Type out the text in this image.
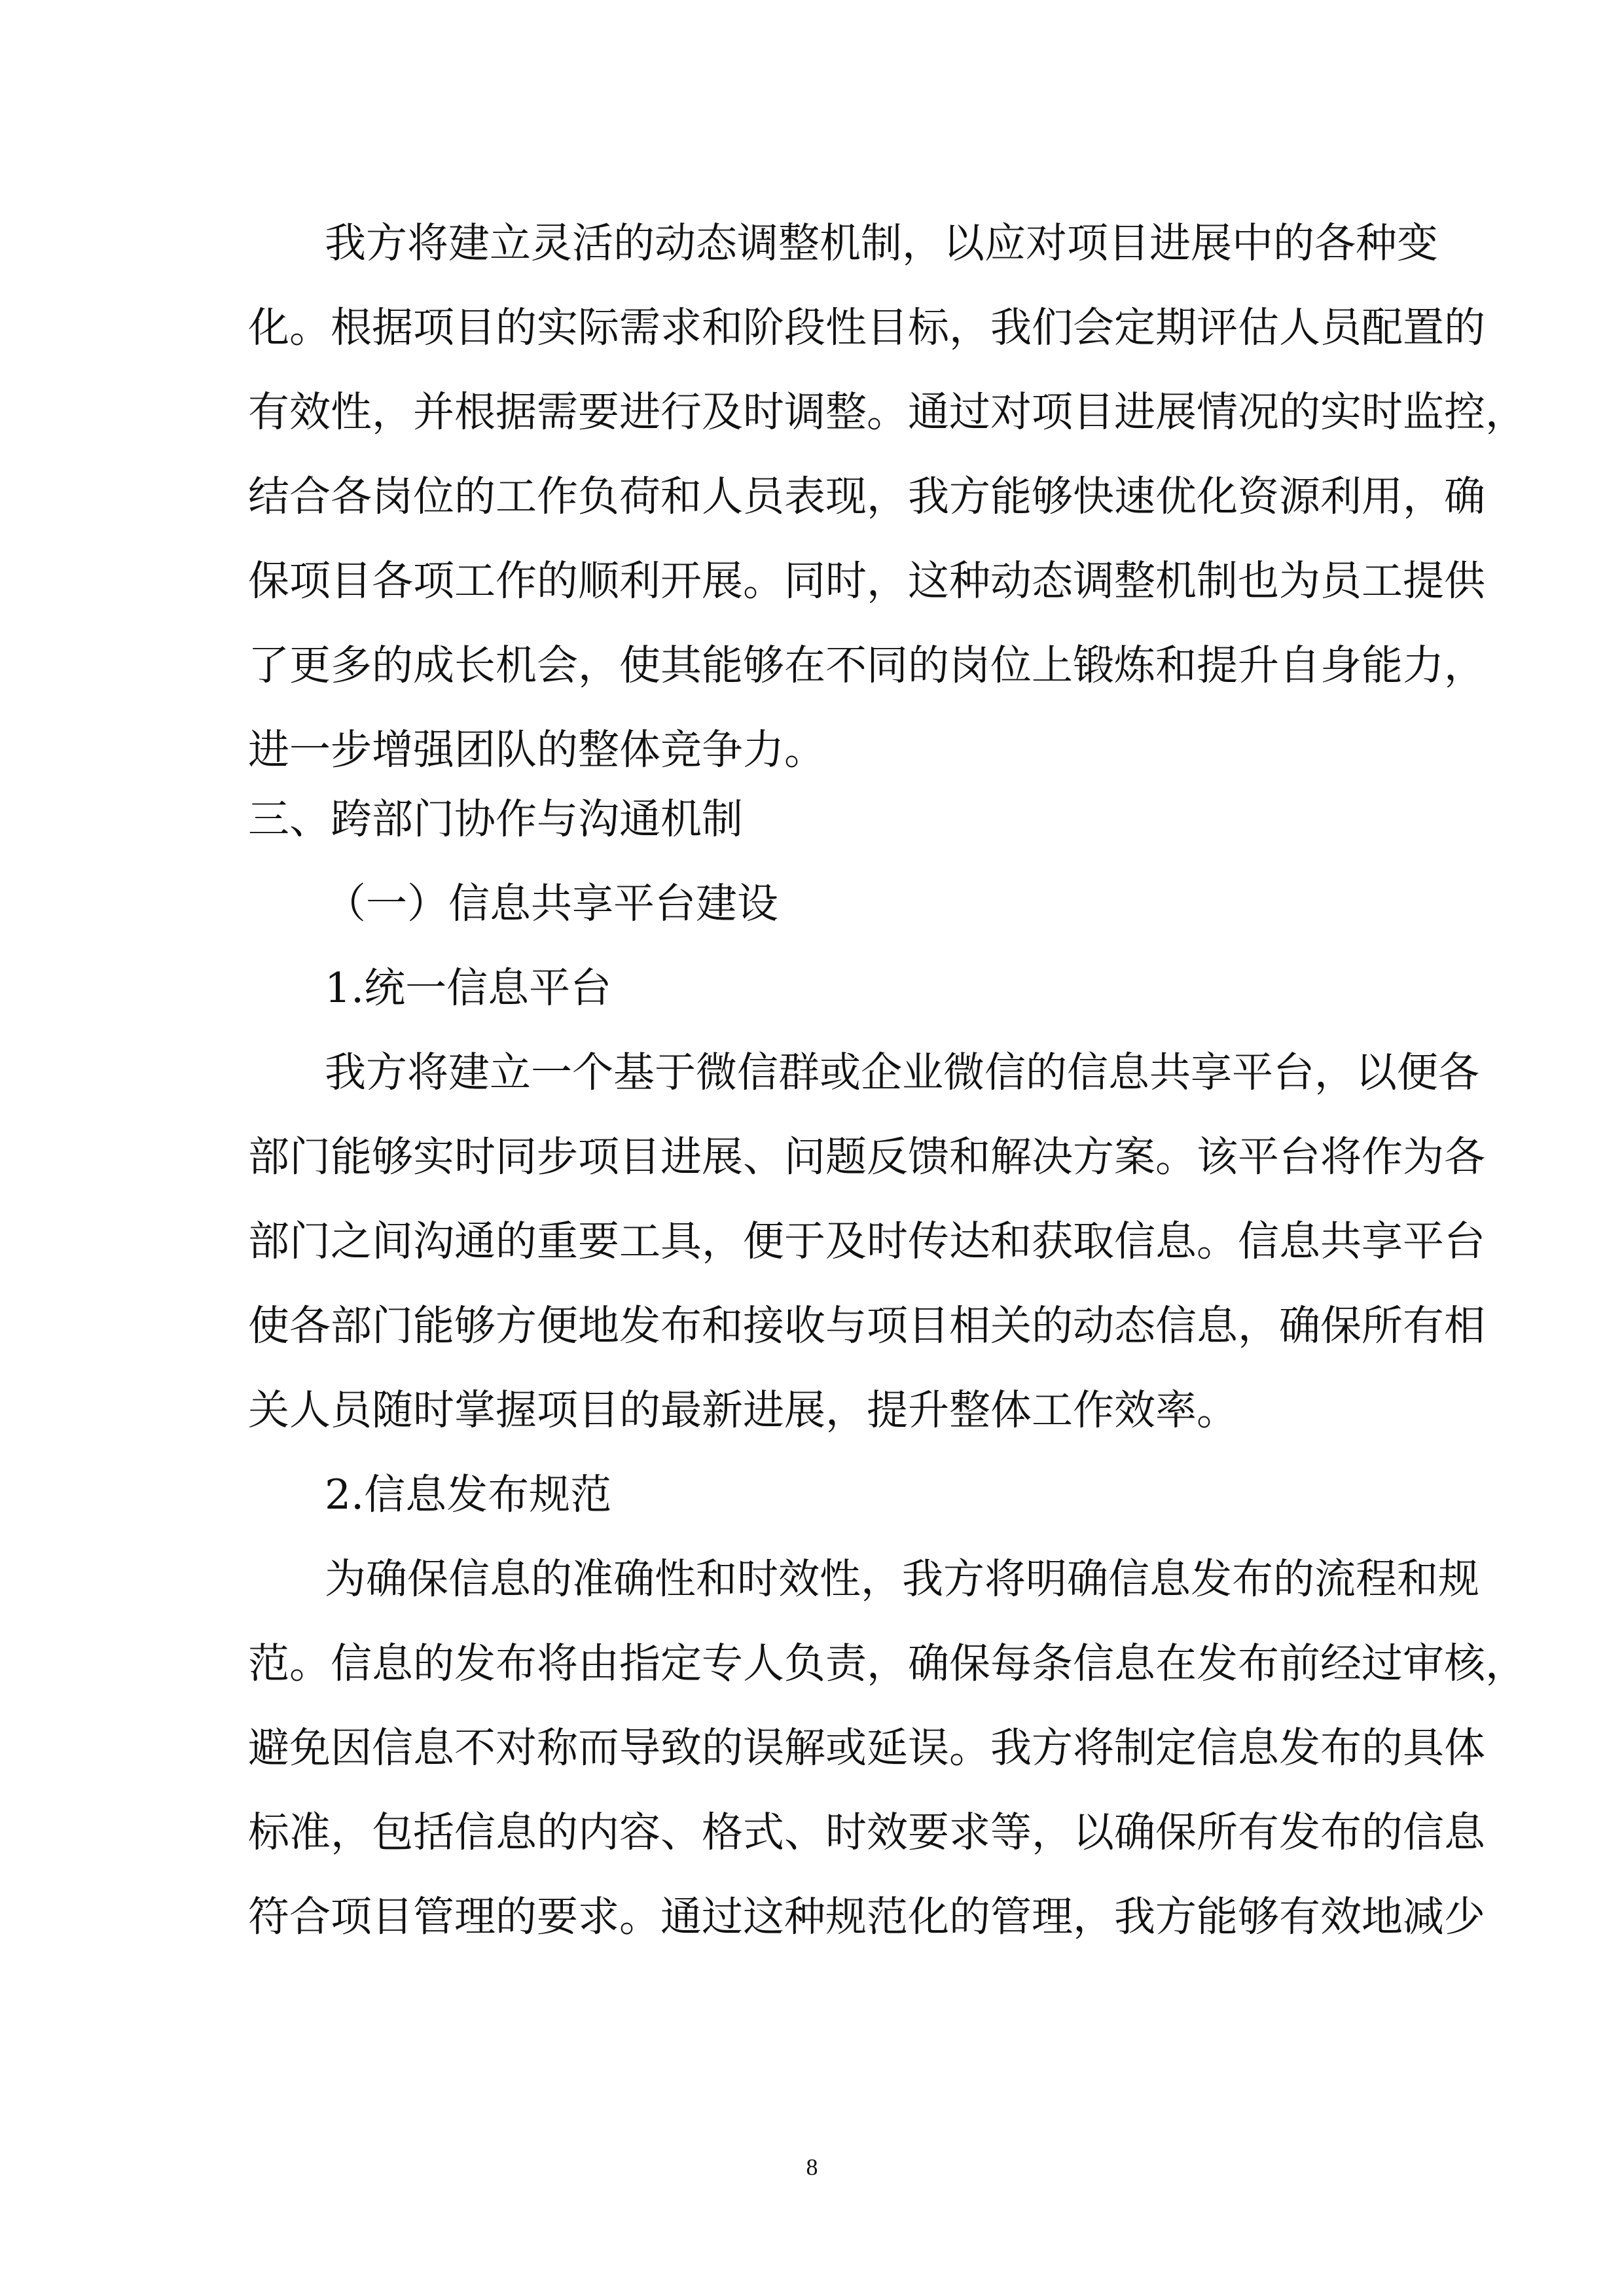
我方将建立灵活的动态调整机制，以应对项目进展中的各种变
化。根据项目的实际需求和阶段性目标，我们会定期评估人员配置的
有效性，并根据需要进行及时调整。通过对项目进展情况的实时监控，
结合各岗位的工作负荷和人员表现，我方能够快速优化资源利用，确
保项目各项工作的顺利开展。同时，这种动态调整机制也为员工提供
了更多的成长机会，使其能够在不同的岗位上锻炼和提升自身能力，
进一步增强团队的整体竞争力。
三、跨部门协作与沟通机制
（一）信息共享平台建设
1.统一信息平台
我方将建立一个基于微信群或企业微信的信息共享平台，以便各
部门能够实时同步项目进展、问题反馈和解决方案。该平台将作为各
部门之间沟通的重要工具，便于及时传达和获取信息。信息共享平台
使各部门能够方便地发布和接收与项目相关的动态信息，确保所有相
关人员随时掌握项目的最新进展，提升整体工作效率。
2.信息发布规范
为确保信息的准确性和时效性，我方将明确信息发布的流程和规
范。信息的发布将由指定专人负责，确保每条信息在发布前经过审核，
避免因信息不对称而导致的误解或延误。我方将制定信息发布的具体
标准，包括信息的内容、格式、时效要求等，以确保所有发布的信息
符合项目管理的要求。通过这种规范化的管理，我方能够有效地减少
8
